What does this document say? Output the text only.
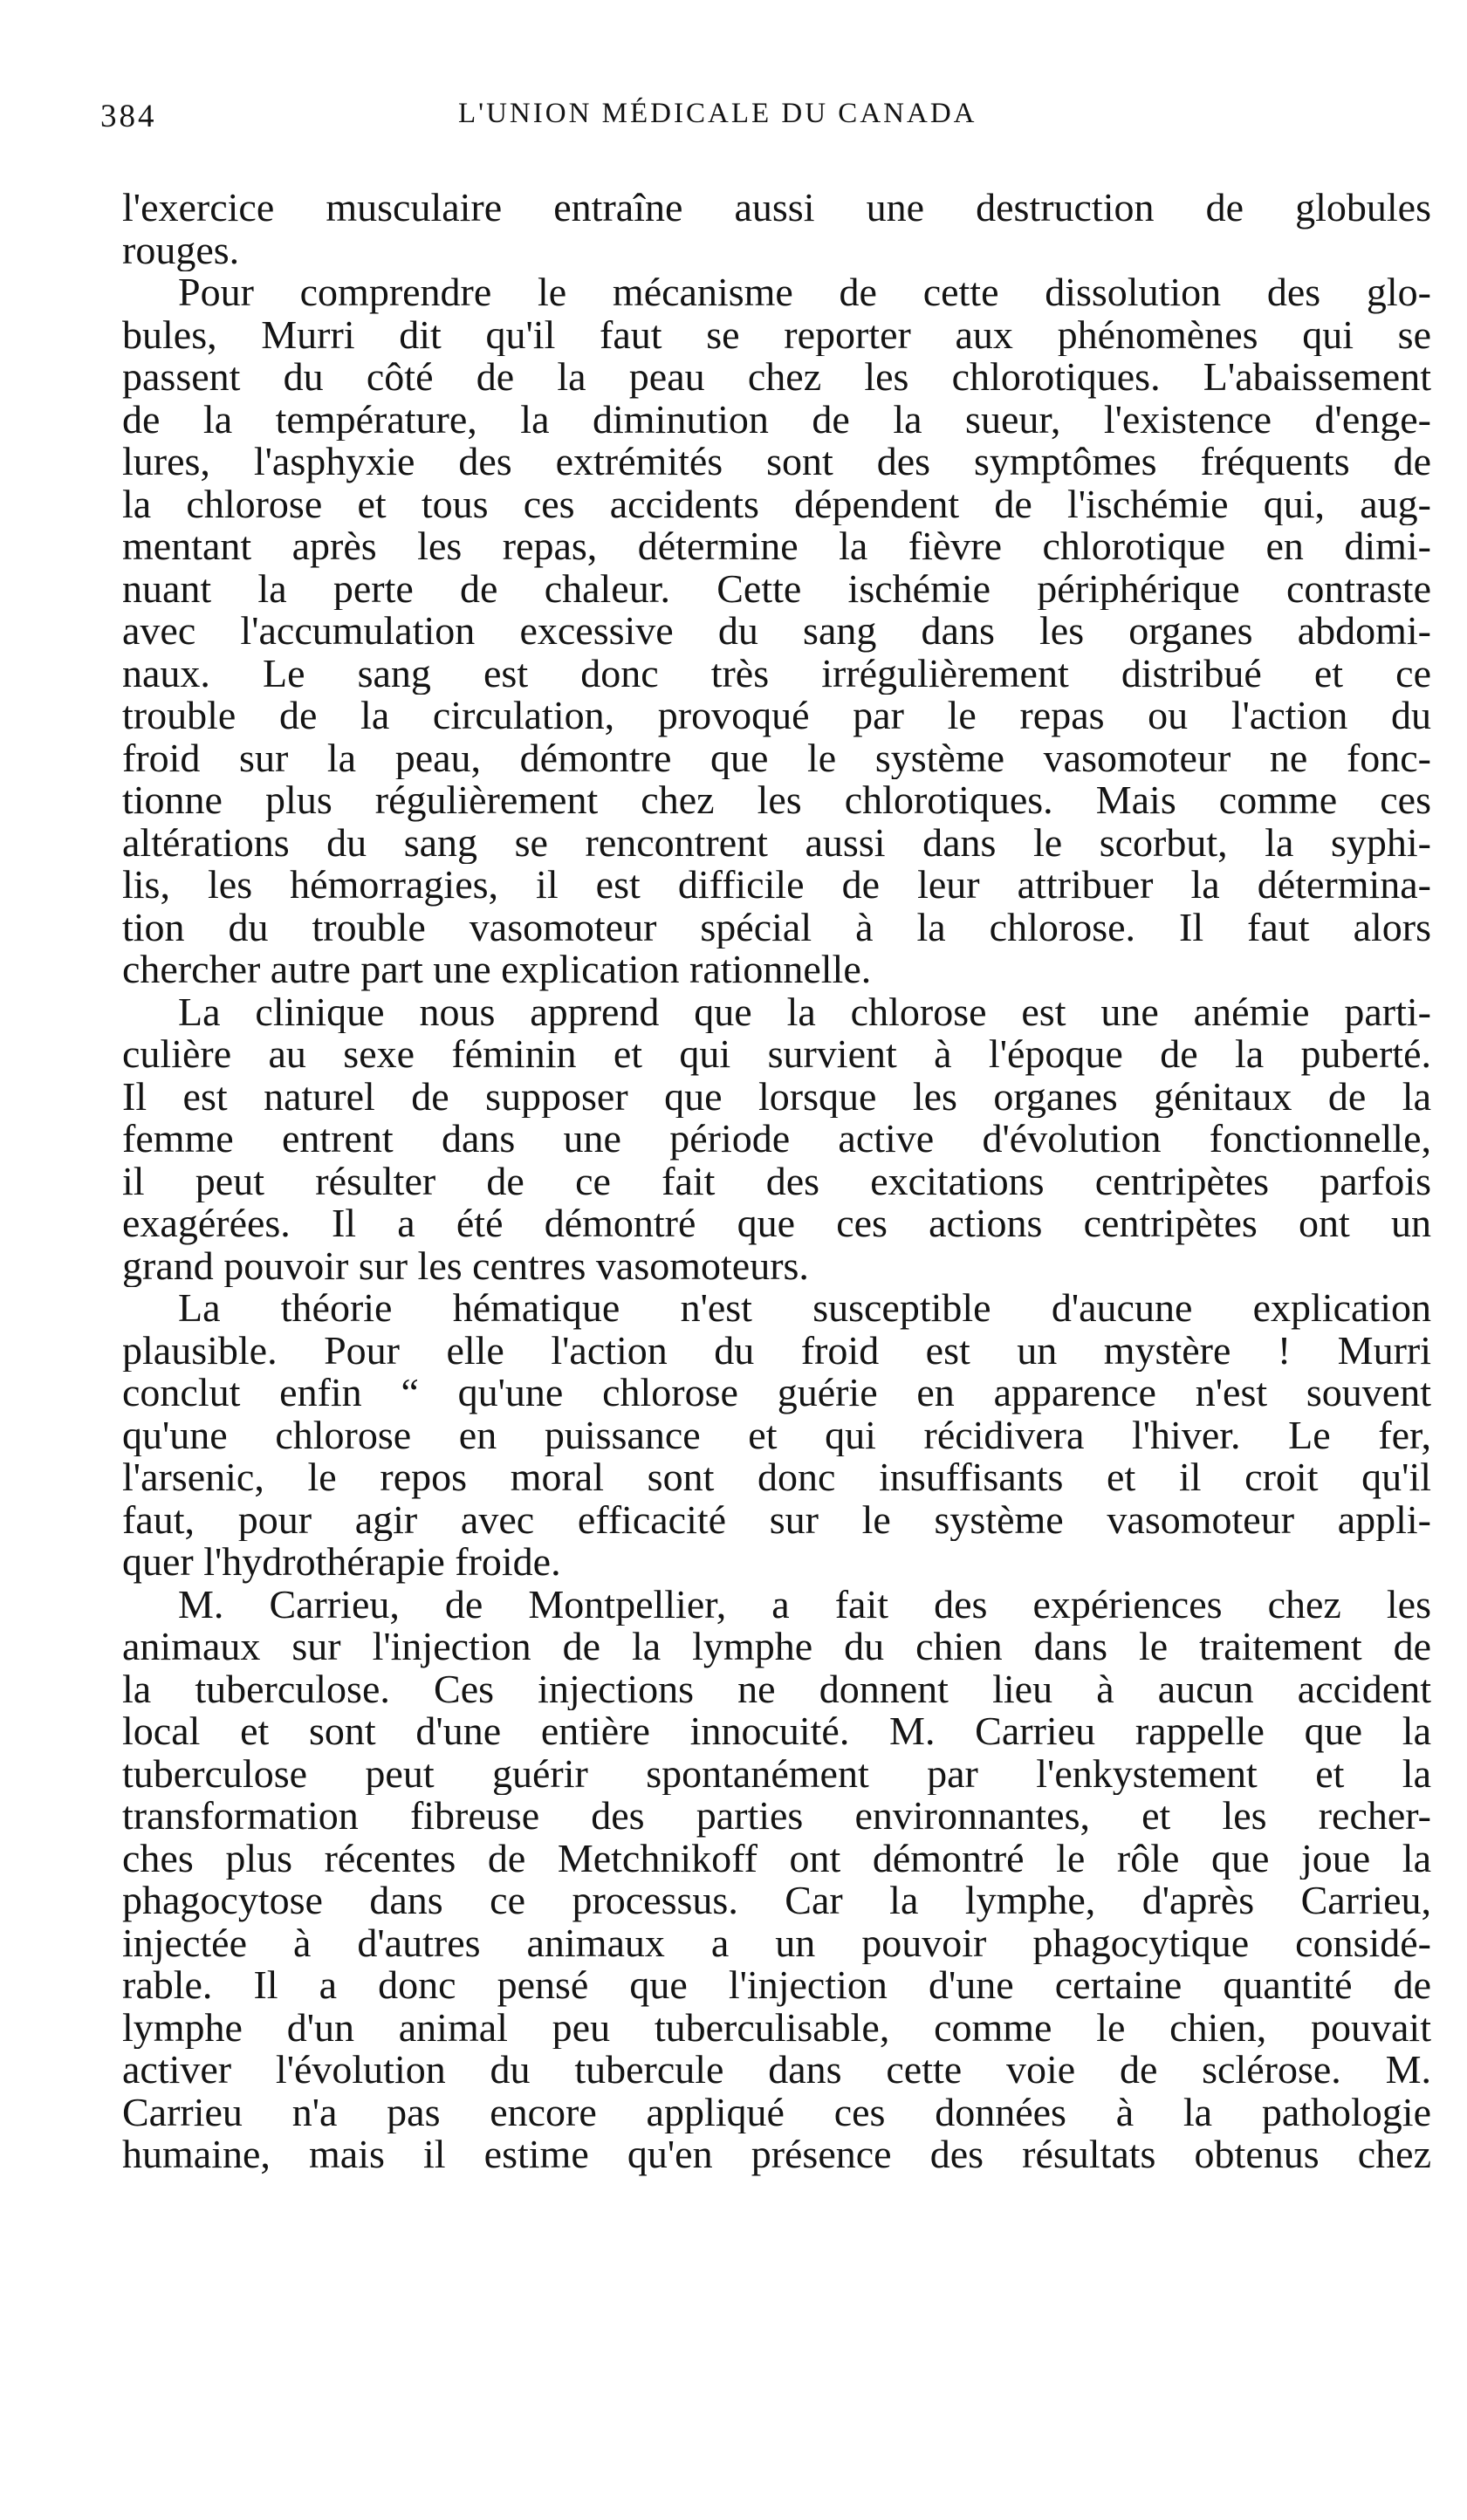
384	L'UNION MÉDICALE DU CANADA
l'exercice musculaire entraîne aussi une destruction de globules
rouges.
Pour comprendre le mécanisme de cette dissolution des glo-
bules, Murri dit qu'il faut se reporter aux phénomènes qui se
passent du côté de la peau chez les chlorotiques. L'abaissement
de la température, la diminution de la sueur, l'existence d'enge-
lures, l'asphyxie des extrémités sont des symptômes fréquents de
la chlorose et tous ces accidents dépendent de l'ischémie qui, aug-
mentant après les repas, détermine la fièvre chlorotique en dimi-
nuant la perte de chaleur. Cette ischémie périphérique contraste
avec l'accumulation excessive du sang dans les organes abdomi-
naux. Le sang est donc très irrégulièrement distribué et ce
trouble de la circulation, provoqué par le repas ou l'action du
froid sur la peau, démontre que le système vasomoteur ne fonc-
tionne plus régulièrement chez les chlorotiques. Mais comme ces
altérations du sang se rencontrent aussi dans le scorbut, la syphi-
lis, les hémorragies, il est difficile de leur attribuer la détermina-
tion du trouble vasomoteur spécial à la chlorose. Il faut alors
chercher autre part une explication rationnelle.
La clinique nous apprend que la chlorose est une anémie parti-
culière au sexe féminin et qui survient à l'époque de la puberté.
Il est naturel de supposer que lorsque les organes génitaux de la
femme entrent dans une période active d'évolution fonctionnelle,
il peut résulter de ce fait des excitations centripètes parfois
exagérées. Il a été démontré que ces actions centripètes ont un
grand pouvoir sur les centres vasomoteurs.
La théorie hématique n'est susceptible d'aucune explication
plausible. Pour elle l'action du froid est un mystère ! Murri
conclut enfin “ qu'une chlorose guérie en apparence n'est souvent
qu'une chlorose en puissance et qui récidivera l'hiver. Le fer,
l'arsenic, le repos moral sont donc insuffisants et il croit qu'il
faut, pour agir avec efficacité sur le système vasomoteur appli-
quer l'hydrothérapie froide.
M. Carrieu, de Montpellier, a fait des expériences chez les
animaux sur l'injection de la lymphe du chien dans le traitement de
la tuberculose. Ces injections ne donnent lieu à aucun accident
local et sont d'une entière innocuité. M. Carrieu rappelle que la
tuberculose peut guérir spontanément par l'enkystement et la
transformation fibreuse des parties environnantes, et les recher-
ches plus récentes de Metchnikoff ont démontré le rôle que joue la
phagocytose dans ce processus. Car la lymphe, d'après Carrieu,
injectée à d'autres animaux a un pouvoir phagocytique considé-
rable. Il a donc pensé que l'injection d'une certaine quantité de
lymphe d'un animal peu tuberculisable, comme le chien, pouvait
activer l'évolution du tubercule dans cette voie de sclérose. M.
Carrieu n'a pas encore appliqué ces données à la pathologie
humaine, mais il estime qu'en présence des résultats obtenus chez
